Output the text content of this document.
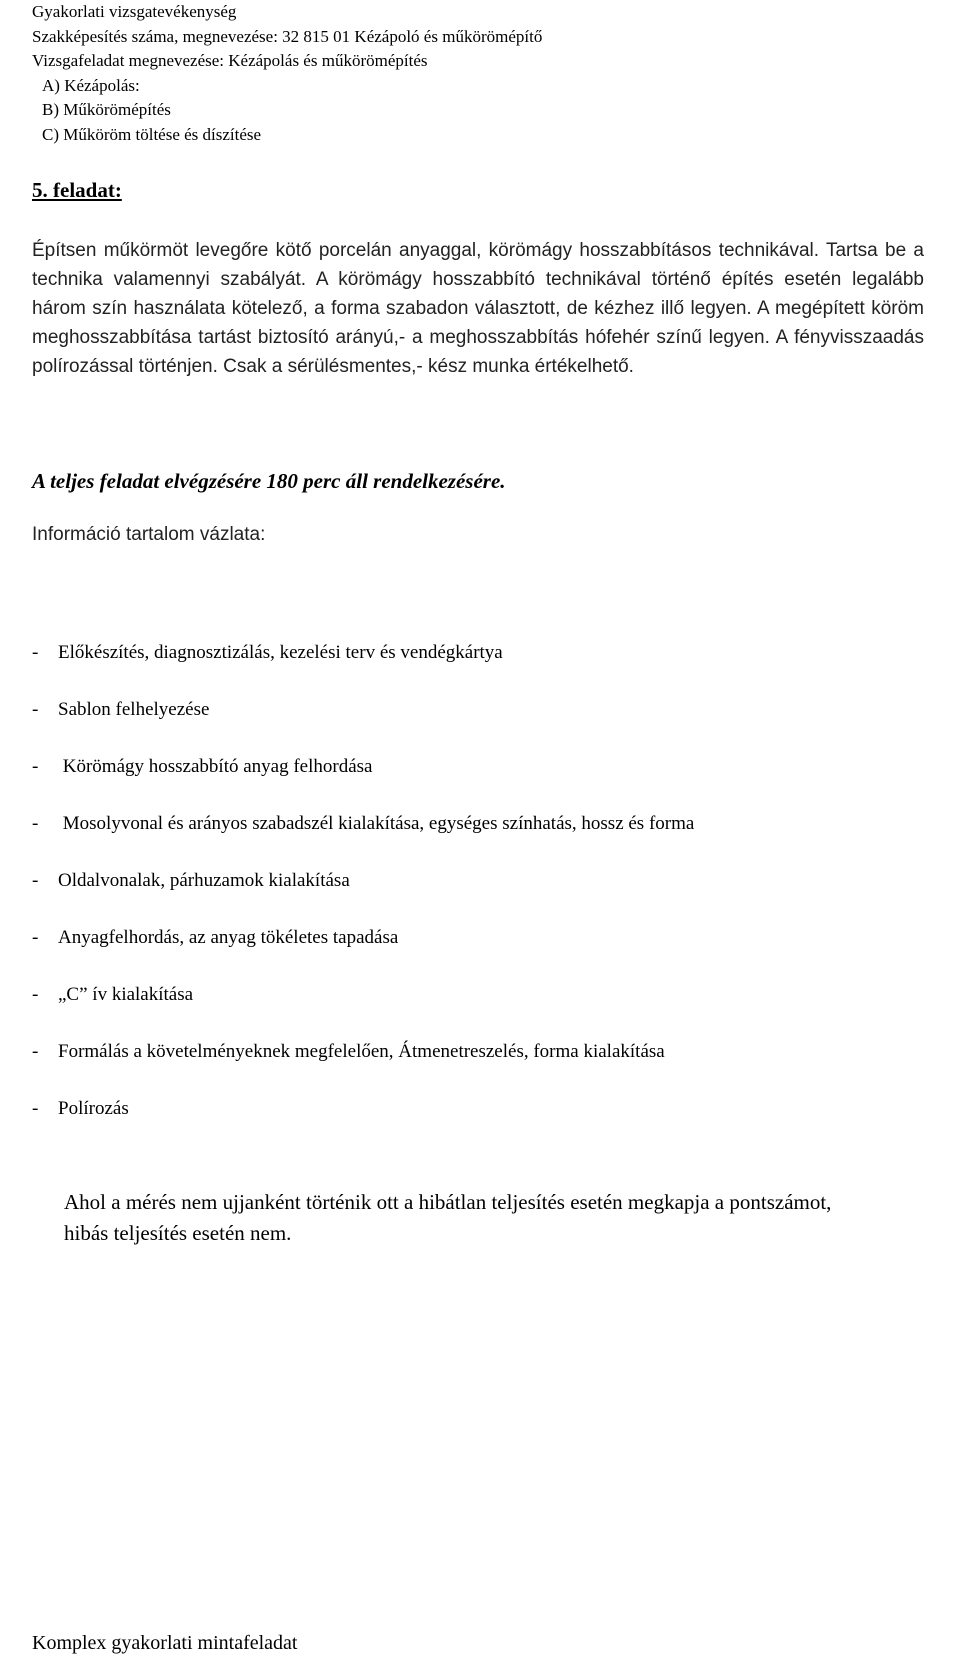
Gyakorlati vizsgatevékenység
Szakképesítés száma, megnevezése: 32 815 01 Kézápoló és műkörömépítő
Vizsgafeladat megnevezése: Kézápolás és műkörömépítés
A) Kézápolás:
B) Műkörömépítés
C) Műköröm töltése és díszítése
5. feladat:
Építsen műkörmöt levegőre kötő porcelán anyaggal, körömágy hosszabbításos technikával. Tartsa be a technika valamennyi szabályát. A körömágy hosszabbító technikával történő építés esetén legalább három szín használata kötelező, a forma szabadon választott, de kézhez illő legyen. A megépített köröm meghosszabbítása tartást biztosító arányú,- a meghosszabbítás hófehér színű legyen. A fényvisszaadás polírozással történjen. Csak a sérülésmentes,- kész munka értékelhető.
A teljes feladat elvégzésére 180 perc áll rendelkezésére.
Információ tartalom vázlata:
- Előkészítés, diagnosztizálás, kezelési terv és vendégkártya
- Sablon felhelyezése
- Körömágy hosszabbító anyag felhordása
- Mosolyvonal és arányos szabadszél kialakítása, egységes színhatás, hossz és forma
- Oldalvonalak, párhuzamok kialakítása
- Anyagfelhordás, az anyag tökéletes tapadása
- „C” ív kialakítása
- Formálás a követelményeknek megfelelően, Átmenetreszelés, forma kialakítása
- Polírozás
Ahol a mérés nem ujjanként történik ott a hibátlan teljesítés esetén megkapja a pontszámot, hibás teljesítés esetén nem.
Komplex gyakorlati mintafeladat
